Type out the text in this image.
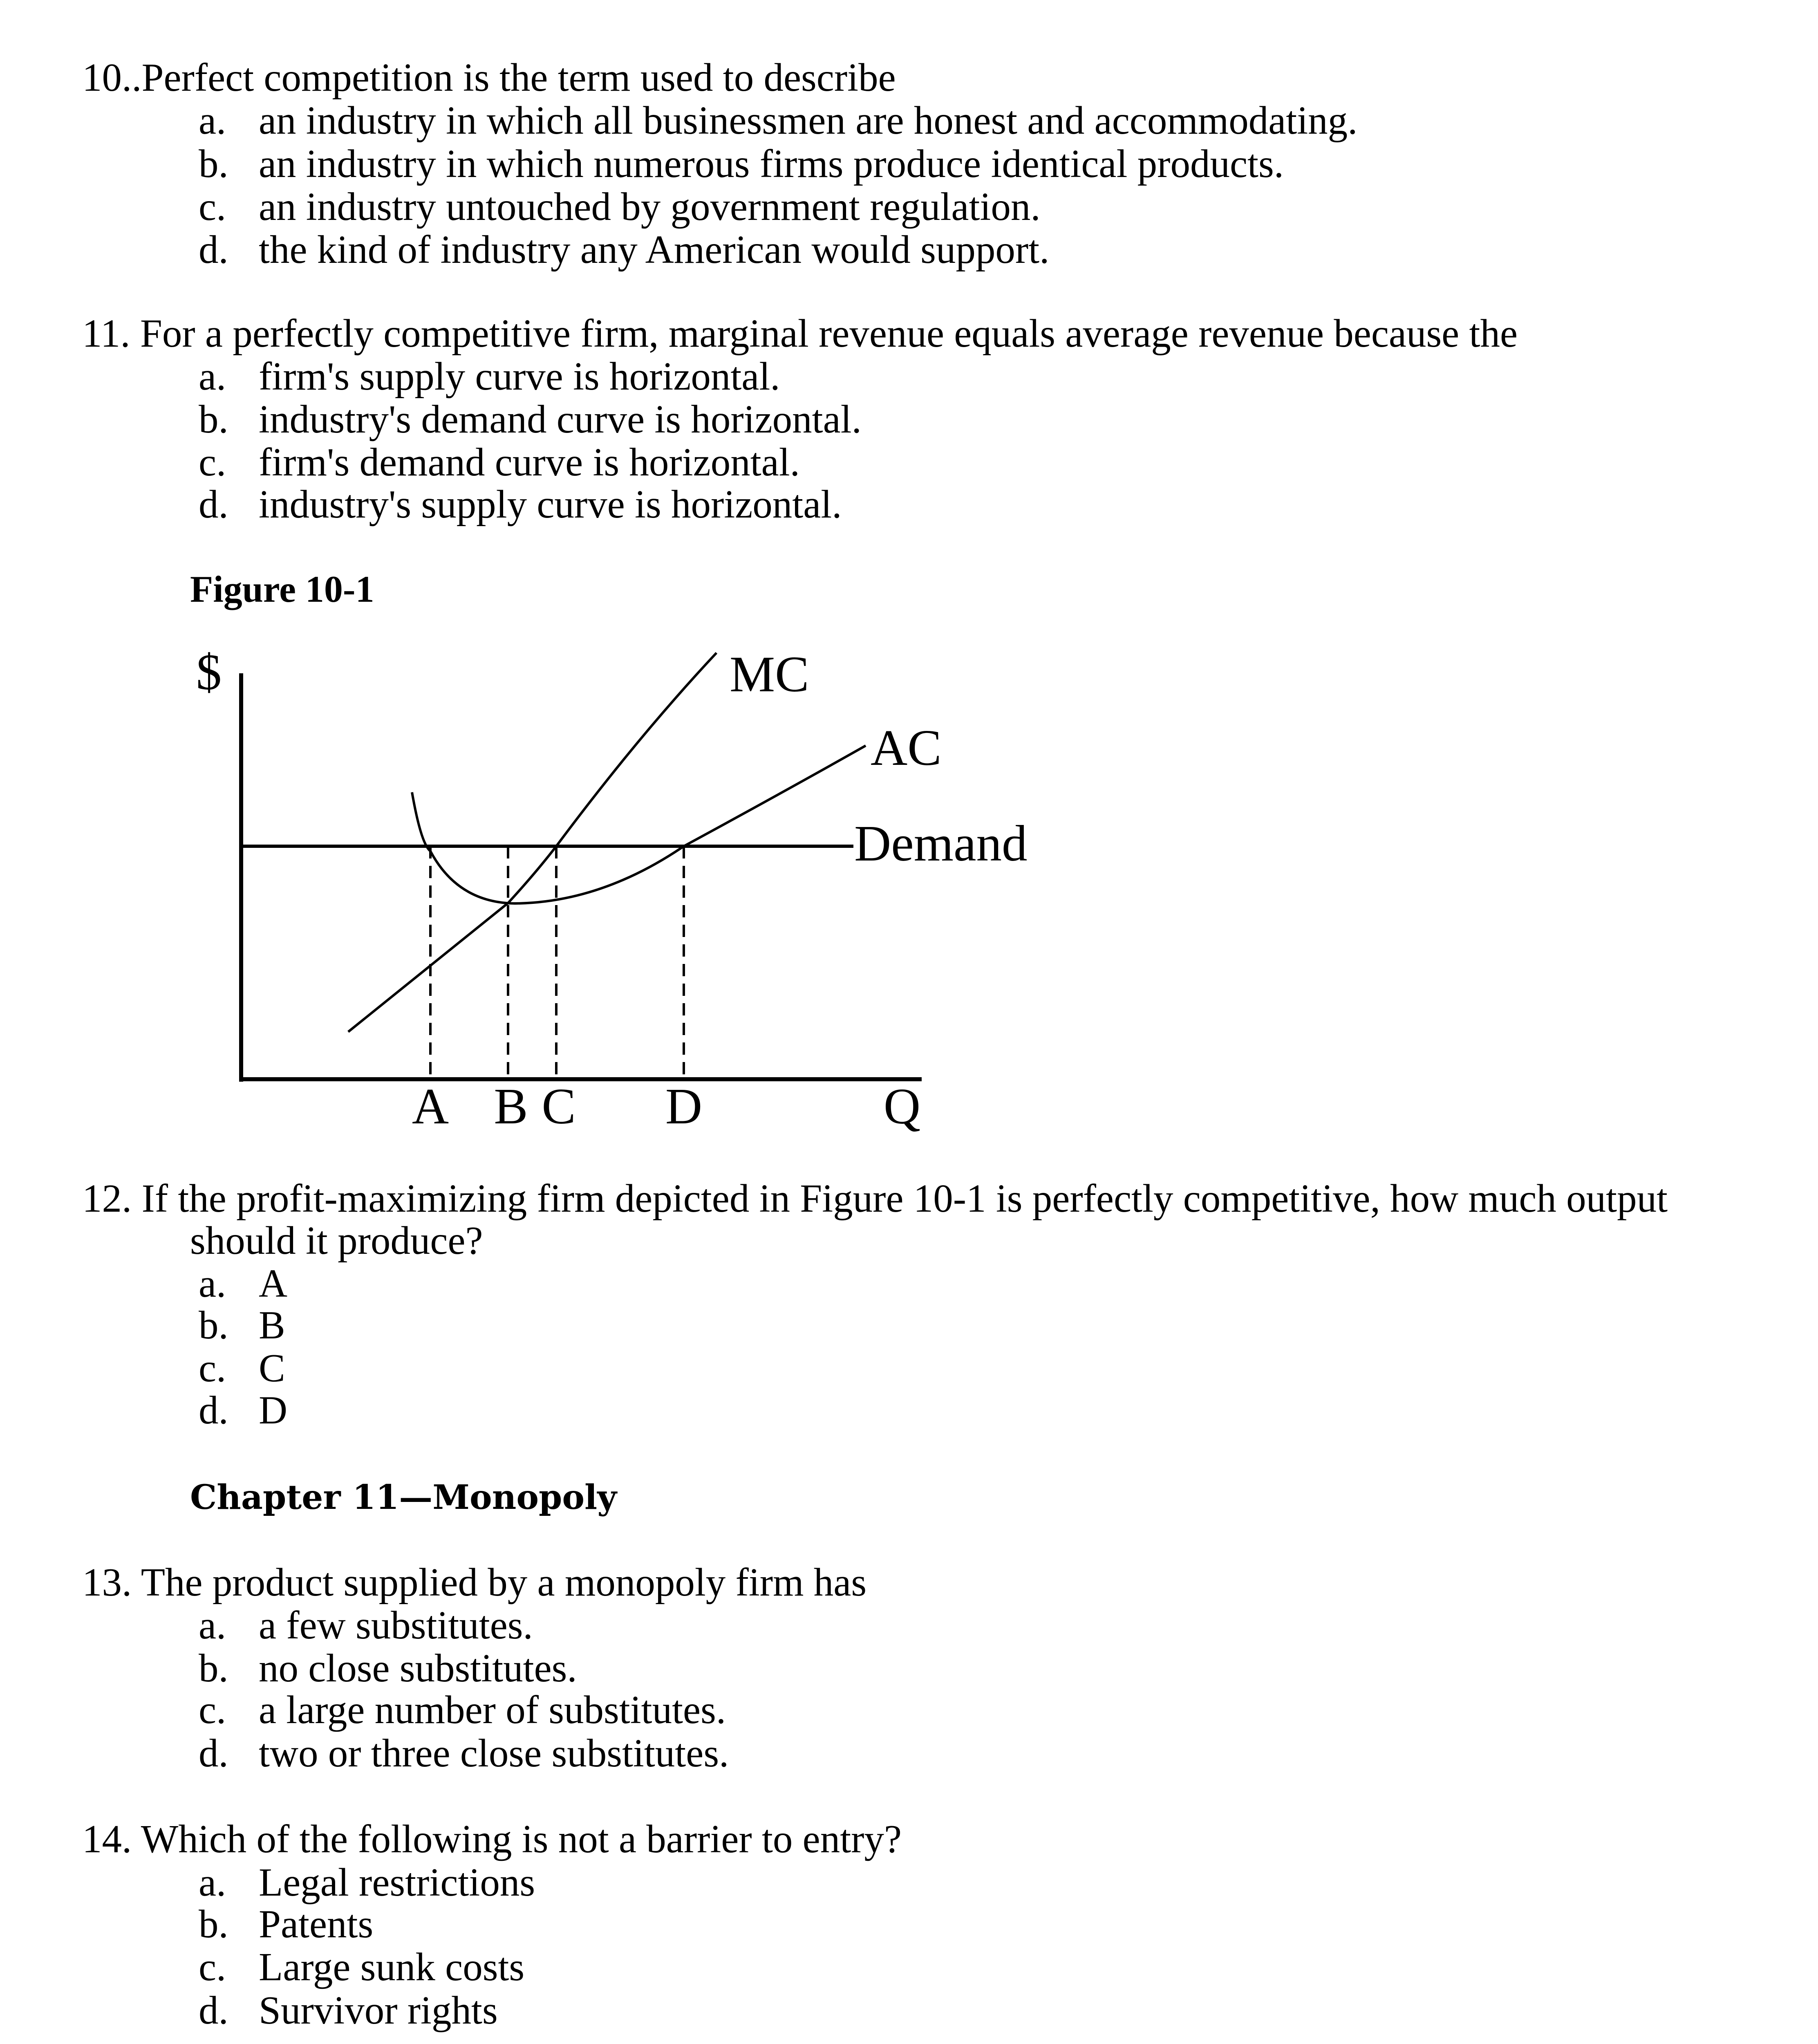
10..Perfect competition is the term used to describe
a. an industry in which all businessmen are honest and accommodating.
b. an industry in which numerous firms produce identical products.
c. an industry untouched by government regulation.
d. the kind of industry any American would support.
11. For a perfectly competitive firm, marginal revenue equals average revenue because the
a. firm's supply curve is horizontal.
b. industry's demand curve is horizontal.
c. firm's demand curve is horizontal.
d. industry's supply curve is horizontal.
Figure 10-1
$	MC
AC
Demand
A B C D	Q
12. If the profit-maximizing firm depicted in Figure 10-1 is perfectly competitive, how much output
should it produce?
a. A
b. B
c. C
d. D
Chapter 11—Monopoly
13. The product supplied by a monopoly firm has
a. a few substitutes.
b. no close substitutes.
c. a large number of substitutes.
d. two or three close substitutes.
14. Which of the following is not a barrier to entry?
a. Legal restrictions
b. Patents
c. Large sunk costs
d. Survivor rights
